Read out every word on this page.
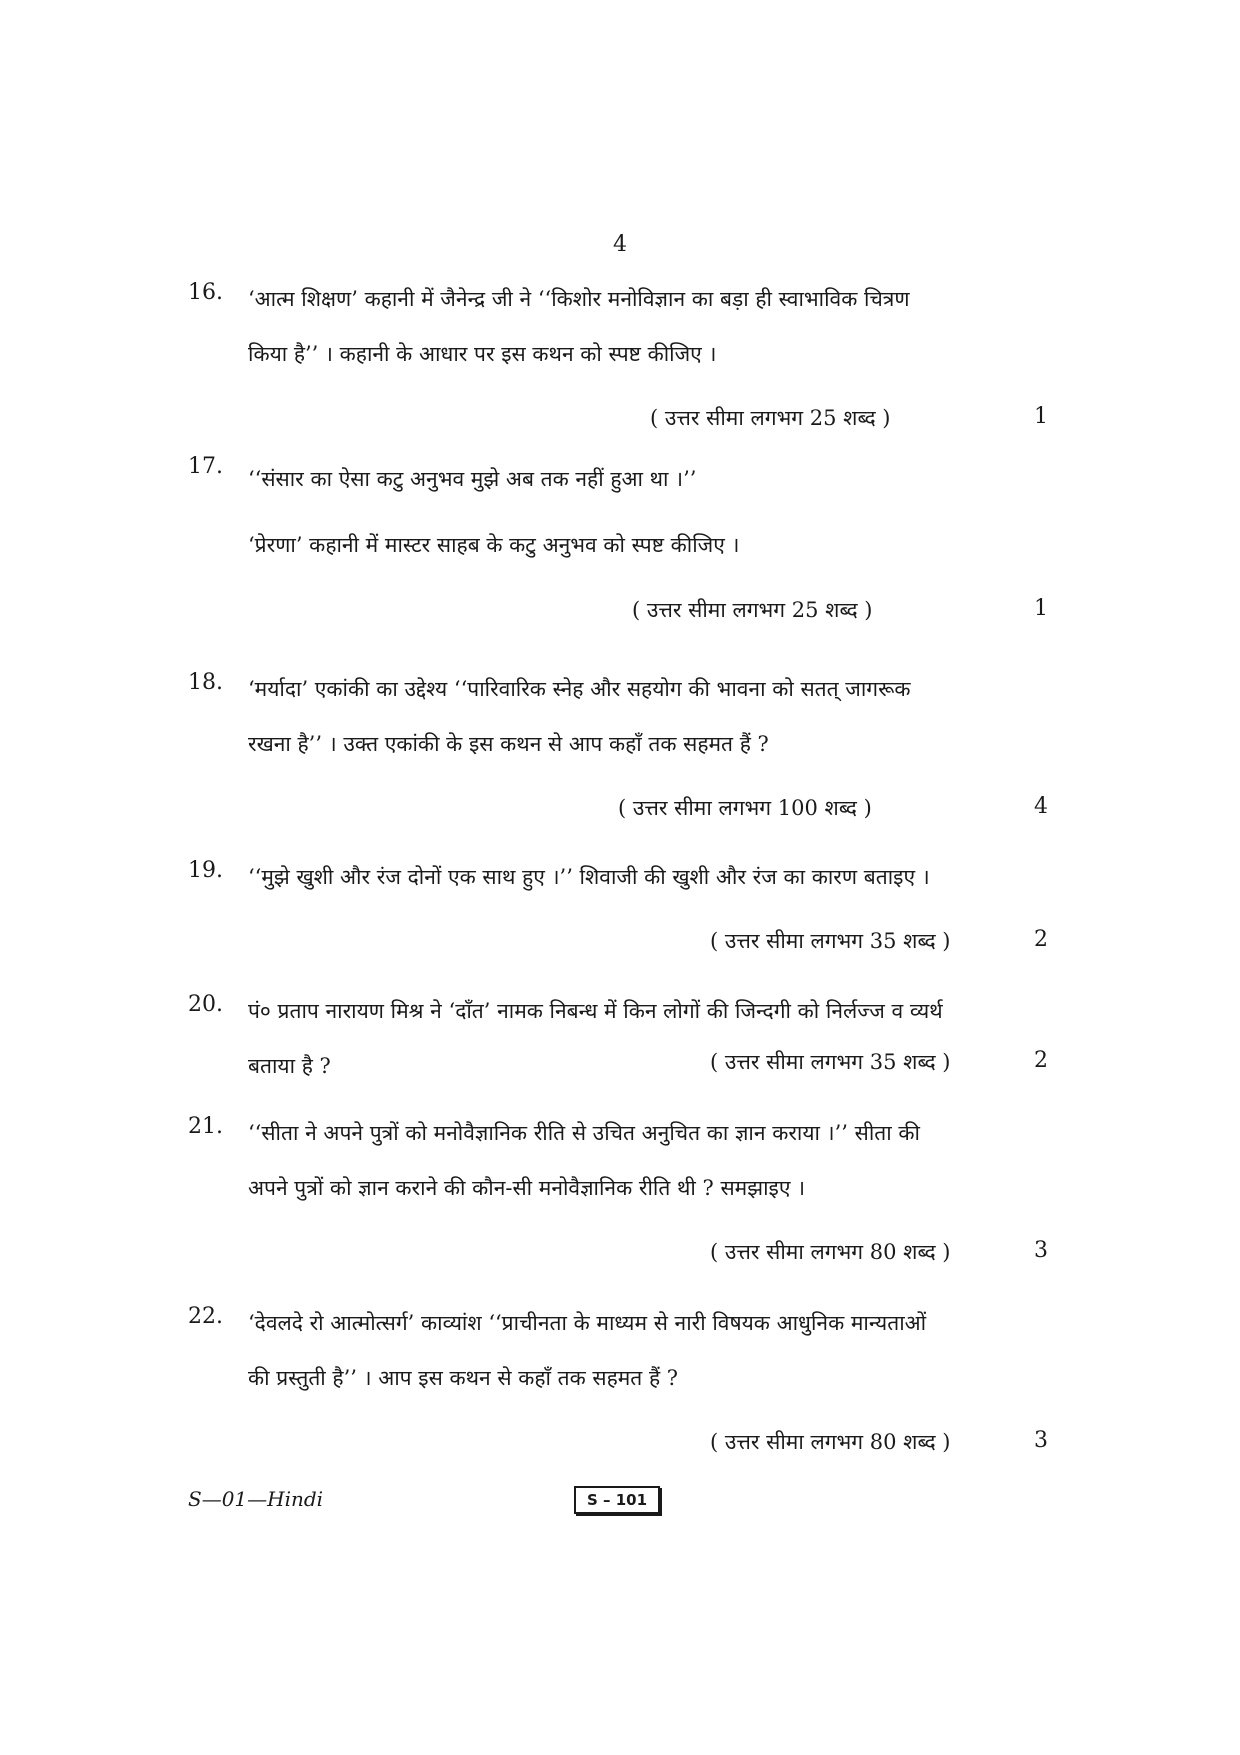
4
16. ‘आत्म शिक्षण’ कहानी में जैनेन्द्र जी ने ‘‘किशोर मनोविज्ञान का बड़ा ही स्वाभाविक चित्रण
किया है’’ । कहानी के आधार पर इस कथन को स्पष्ट कीजिए ।
( उत्तर सीमा लगभग 25 शब्द )	1
17. ‘‘संसार का ऐसा कटु अनुभव मुझे अब तक नहीं हुआ था ।’’
‘प्रेरणा’ कहानी में मास्टर साहब के कटु अनुभव को स्पष्ट कीजिए ।
( उत्तर सीमा लगभग 25 शब्द )	1
18. ‘मर्यादा’ एकांकी का उद्देश्य ‘‘पारिवारिक स्नेह और सहयोग की भावना को सतत् जागरूक
रखना है’’ । उक्त एकांकी के इस कथन से आप कहाँ तक सहमत हैं ?
( उत्तर सीमा लगभग 100 शब्द )	4
19. ‘‘मुझे खुशी और रंज दोनों एक साथ हुए ।’’ शिवाजी की खुशी और रंज का कारण बताइए ।
( उत्तर सीमा लगभग 35 शब्द )	2
20. पं० प्रताप नारायण मिश्र ने ‘दाँत’ नामक निबन्ध में किन लोगों की जिन्दगी को निर्लज्ज व व्यर्थ
बताया है ?	( उत्तर सीमा लगभग 35 शब्द )	2
21. ‘‘सीता ने अपने पुत्रों को मनोवैज्ञानिक रीति से उचित अनुचित का ज्ञान कराया ।’’ सीता की
अपने पुत्रों को ज्ञान कराने की कौन-सी मनोवैज्ञानिक रीति थी ? समझाइए ।
( उत्तर सीमा लगभग 80 शब्द )	3
22. ‘देवलदे रो आत्मोत्सर्ग’ काव्यांश ‘‘प्राचीनता के माध्यम से नारी विषयक आधुनिक मान्यताओं
की प्रस्तुती है’’ । आप इस कथन से कहाँ तक सहमत हैं ?
( उत्तर सीमा लगभग 80 शब्द )	3
S—01—Hindi	S – 101
